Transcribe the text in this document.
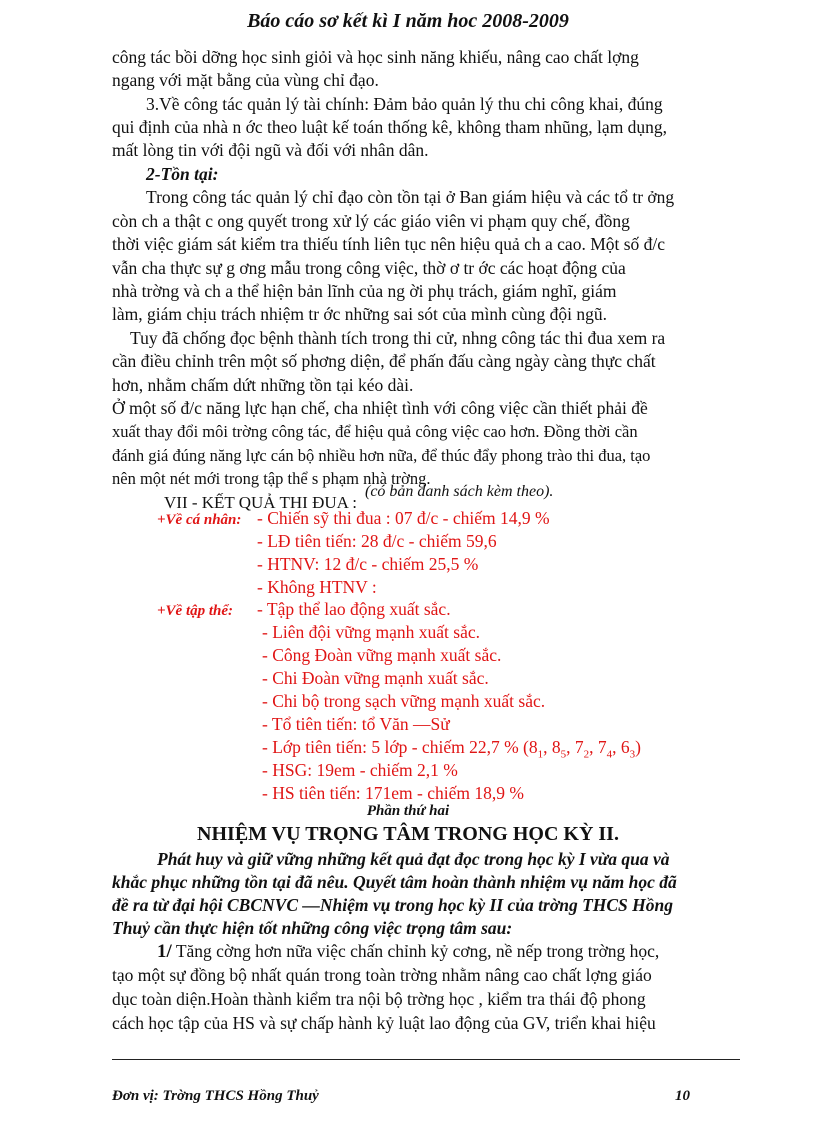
Báo cáo sơ kết kì I năm hoc 2008-2009
công tác bồi dỡng học sinh giỏi và học sinh năng khiếu, nâng cao chất lợng
ngang với mặt bằng của vùng chỉ đạo.
3.Về công tác quản lý tài chính: Đảm bảo quản lý thu chi công khai, đúng
qui định của nhà n ớc theo luật kế toán thống kê, không tham nhũng, lạm dụng,
mất lòng tin với đội ngũ và đối với nhân dân.
2-Tồn tại:
Trong công tác quản lý chỉ đạo còn tồn tại ở Ban giám hiệu và các tổ tr ởng
còn ch a thật c ong quyết trong xử lý các giáo viên vi phạm quy chế, đồng
thời việc giám sát kiểm tra thiếu tính liên tục nên hiệu quả ch a cao. Một số đ/c
vẫn cha thực sự g ơng mẫu trong công việc, thờ ơ tr ớc các hoạt động của
nhà trờng và ch a thể hiện bản lĩnh của ng ời phụ trách, giám nghĩ, giám
làm, giám chịu trách nhiệm tr ớc những sai sót của mình cùng đội ngũ.
Tuy đã chống đọc bệnh thành tích trong thi cử, nhng công tác thi đua xem ra
cần điều chỉnh trên một số phơng diện, để phấn đấu càng ngày càng thực chất
hơn, nhằm chấm dứt những tồn tại kéo dài.
Ở một số đ/c năng lực hạn chế, cha nhiệt tình với công việc cần thiết phải đề
xuất thay đổi môi trờng công tác, để hiệu quả công việc cao hơn. Đồng thời cần
đánh giá đúng năng lực cán bộ nhiều hơn nữa, để thúc đẩy phong trào thi đua, tạo
nên một nét mới trong tập thể s phạm nhà trờng.
VII - KẾT QUẢ THI ĐUA :
(có bản danh sách kèm theo).
+Về cá nhân: - Chiến sỹ thi đua : 07 đ/c - chiếm 14,9 %
- LĐ tiên tiến: 28 đ/c - chiếm 59,6
- HTNV: 12 đ/c - chiếm 25,5 %
- Không HTNV :
+Về tập thể: - Tập thể lao động xuất sắc.
- Liên đội vững mạnh xuất sắc.
- Công Đoàn vững mạnh xuất sắc.
- Chi Đoàn vững mạnh xuất sắc.
- Chi bộ trong sạch vững mạnh xuất sắc.
- Tổ tiên tiến: tổ Văn —Sử
- Lớp tiên tiến: 5 lớp - chiếm 22,7 % ($8_1$, $8_5$, $7_2$, $7_4$, $6_3$)
- HSG: 19em - chiếm 2,1 %
- HS tiên tiến: 171em - chiếm 18,9 %
Phần thứ hai
NHIỆM VỤ TRỌNG TÂM TRONG HỌC KỲ II.
Phát huy và giữ vững những kết quả đạt đọc trong học kỳ I vừa qua và
khắc phục những tồn tại đã nêu. Quyết tâm hoàn thành nhiệm vụ năm học đã
đề ra từ đại hội CBCNVC —Nhiệm vụ trong học kỳ II của trờng THCS Hồng
Thuỷ cần thực hiện tốt những công việc trọng tâm sau:
1/ Tăng cờng hơn nữa việc chấn chỉnh kỷ cơng, nề nếp trong trờng học,
tạo một sự đồng bộ nhất quán trong toàn trờng nhằm nâng cao chất lợng giáo
dục toàn diện.Hoàn thành kiểm tra nội bộ trờng học , kiểm tra thái độ phong
cách học tập của HS và sự chấp hành kỷ luật lao động của GV, triển khai hiệu
Đơn vị: Trờng THCS Hồng Thuỷ	10
